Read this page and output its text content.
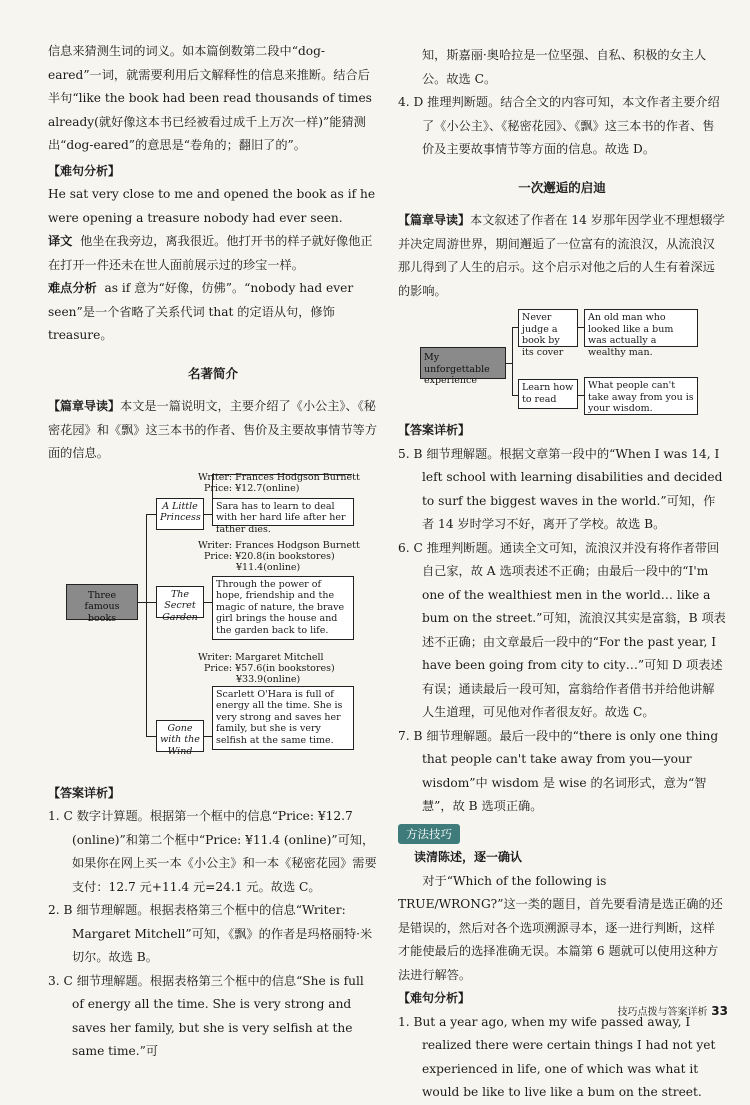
信息来猜测生词的词义。如本篇倒数第二段中“dog-eared”一词，就需要利用后文解释性的信息来推断。结合后半句“like the book had been read thousands of times already(就好像这本书已经被看过成千上万次一样)”能猜测出“dog-eared”的意思是“卷角的；翻旧了的”。

【难句分析】

He sat very close to me and opened the book as if he were opening a treasure nobody had ever seen.

译文 他坐在我旁边，离我很近。他打开书的样子就好像他正在打开一件还未在世人面前展示过的珍宝一样。

难点分析 as if 意为“好像，仿佛”。“nobody had ever seen”是一个省略了关系代词 that 的定语从句，修饰 treasure。

名著简介

【篇章导读】本文是一篇说明文，主要介绍了《小公主》、《秘密花园》和《飘》这三本书的作者、售价及主要故事情节等方面的信息。

Three famous books
A Little Princess
Writer: Frances Hodgson Burnett
Price: ¥12.7(online)
Sara has to learn to deal with her hard life after her father dies.
The Secret Garden
Writer: Frances Hodgson Burnett
Price: ¥20.8(in bookstores)
¥11.4(online)
Through the power of hope, friendship and the magic of nature, the brave girl brings the house and the garden back to life.
Gone with the Wind
Writer: Margaret Mitchell
Price: ¥57.6(in bookstores)
¥33.9(online)
Scarlett O'Hara is full of energy all the time. She is very strong and saves her family, but she is very selfish at the same time.

【答案详析】

1. C 数字计算题。根据第一个框中的信息“Price: ¥12.7 (online)”和第二个框中“Price: ¥11.4 (online)”可知，如果你在网上买一本《小公主》和一本《秘密花园》需要支付：12.7 元+11.4 元=24.1 元。故选 C。

2. B 细节理解题。根据表格第三个框中的信息“Writer: Margaret Mitchell”可知，《飘》的作者是玛格丽特·米切尔。故选 B。

3. C 细节理解题。根据表格第三个框中的信息“She is full of energy all the time. She is very strong and saves her family, but she is very selfish at the same time.”可

知，斯嘉丽·奥哈拉是一位坚强、自私、积极的女主人公。故选 C。

4. D 推理判断题。结合全文的内容可知，本文作者主要介绍了《小公主》、《秘密花园》、《飘》这三本书的作者、售价及主要故事情节等方面的信息。故选 D。

一次邂逅的启迪

【篇章导读】本文叙述了作者在 14 岁那年因学业不理想辍学并决定周游世界，期间邂逅了一位富有的流浪汉，从流浪汉那儿得到了人生的启示。这个启示对他之后的人生有着深远的影响。

My unforgettable experience
Never judge a book by its cover
An old man who looked like a bum was actually a wealthy man.
Learn how to read
What people can't take away from you is your wisdom.

【答案详析】

5. B 细节理解题。根据文章第一段中的“When I was 14, I left school with learning disabilities and decided to surf the biggest waves in the world.”可知，作者 14 岁时学习不好，离开了学校。故选 B。

6. C 推理判断题。通读全文可知，流浪汉并没有将作者带回自己家，故 A 选项表述不正确；由最后一段中的“I'm one of the wealthiest men in the world… like a bum on the street.”可知，流浪汉其实是富翁，B 项表述不正确；由文章最后一段中的“For the past year, I have been going from city to city…”可知 D 项表述有误；通读最后一段可知，富翁给作者借书并给他讲解人生道理，可见他对作者很友好。故选 C。

7. B 细节理解题。最后一段中的“there is only one thing that people can't take away from you—your wisdom”中 wisdom 是 wise 的名词形式，意为“智慧”，故 B 选项正确。

方法技巧

读清陈述，逐一确认

对于“Which of the following is TRUE/WRONG?”这一类的题目，首先要看清是选正确的还是错误的，然后对各个选项溯源寻本，逐一进行判断，这样才能使最后的选择准确无误。本篇第 6 题就可以使用这种方法进行解答。

【难句分析】

1. But a year ago, when my wife passed away, I realized there were certain things I had not yet experienced in life, one of which was what it would be like to live like a bum on the street.

技巧点拨与答案详析 33
